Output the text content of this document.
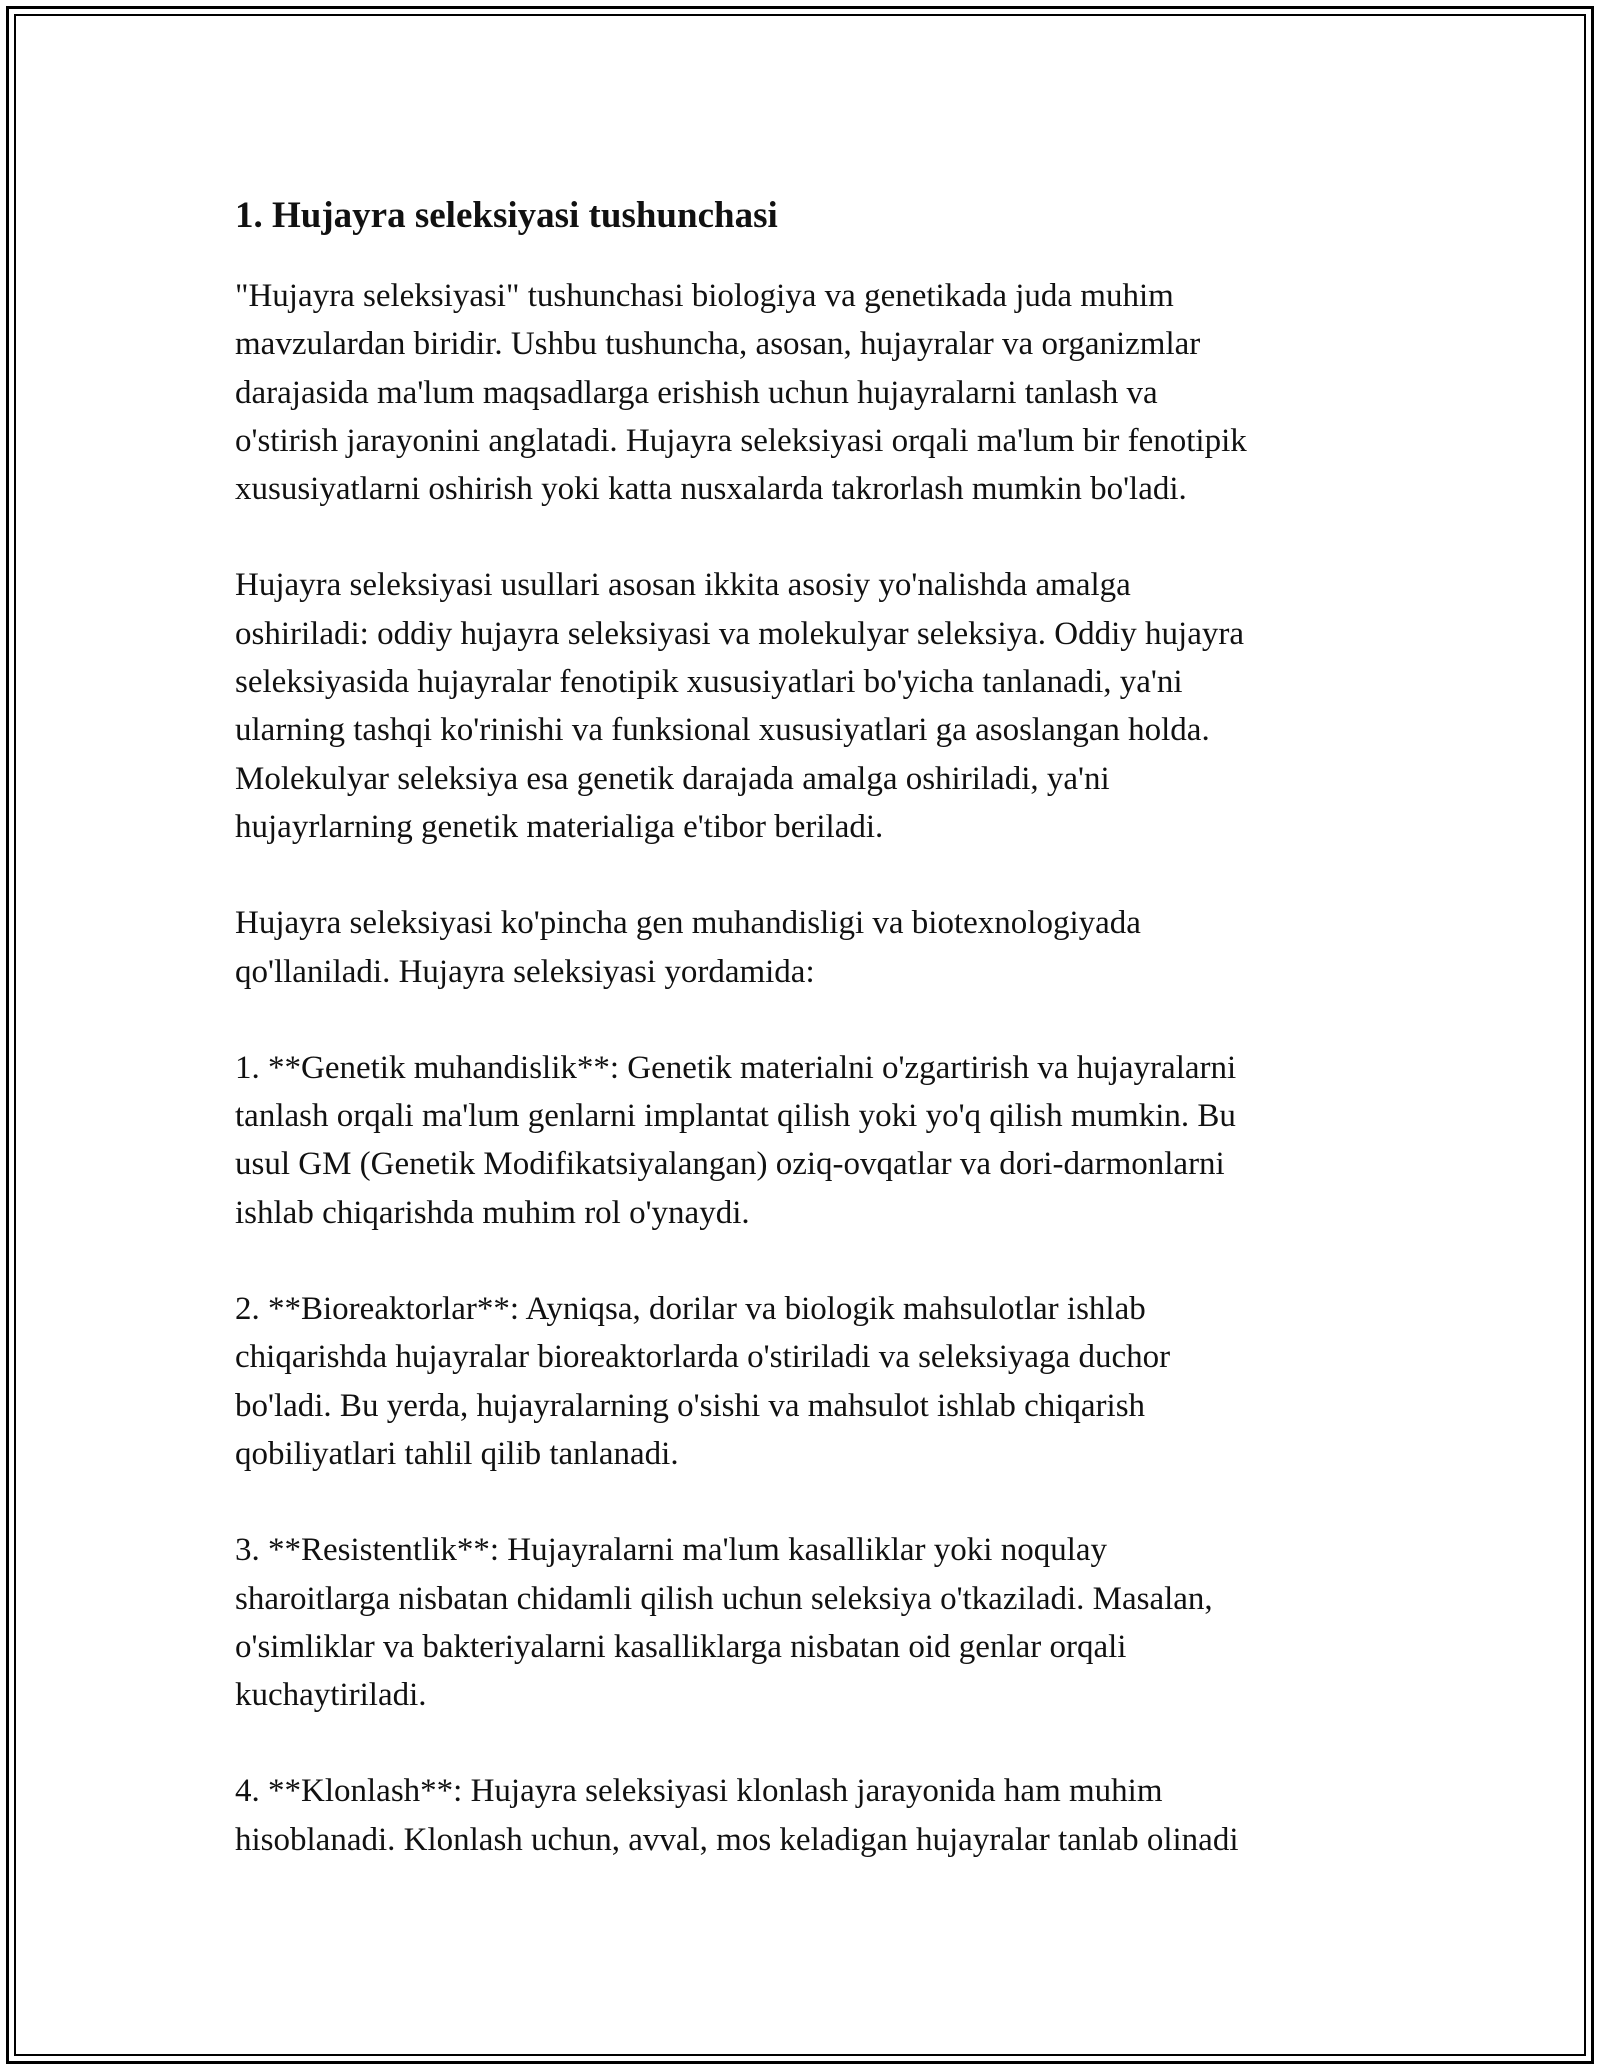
1. Hujayra seleksiyasi tushunchasi

"Hujayra seleksiyasi" tushunchasi biologiya va genetikada juda muhim
mavzulardan biridir. Ushbu tushuncha, asosan, hujayralar va organizmlar
darajasida ma'lum maqsadlarga erishish uchun hujayralarni tanlash va
o'stirish jarayonini anglatadi. Hujayra seleksiyasi orqali ma'lum bir fenotipik
xususiyatlarni oshirish yoki katta nusxalarda takrorlash mumkin bo'ladi.

Hujayra seleksiyasi usullari asosan ikkita asosiy yo'nalishda amalga
oshiriladi: oddiy hujayra seleksiyasi va molekulyar seleksiya. Oddiy hujayra
seleksiyasida hujayralar fenotipik xususiyatlari bo'yicha tanlanadi, ya'ni
ularning tashqi ko'rinishi va funksional xususiyatlari ga asoslangan holda.
Molekulyar seleksiya esa genetik darajada amalga oshiriladi, ya'ni
hujayrlarning genetik materialiga e'tibor beriladi.

Hujayra seleksiyasi ko'pincha gen muhandisligi va biotexnologiyada
qo'llaniladi. Hujayra seleksiyasi yordamida:

1. **Genetik muhandislik**: Genetik materialni o'zgartirish va hujayralarni
tanlash orqali ma'lum genlarni implantat qilish yoki yo'q qilish mumkin. Bu
usul GM (Genetik Modifikatsiyalangan) oziq-ovqatlar va dori-darmonlarni
ishlab chiqarishda muhim rol o'ynaydi.

2. **Bioreaktorlar**: Ayniqsa, dorilar va biologik mahsulotlar ishlab
chiqarishda hujayralar bioreaktorlarda o'stiriladi va seleksiyaga duchor
bo'ladi. Bu yerda, hujayralarning o'sishi va mahsulot ishlab chiqarish
qobiliyatlari tahlil qilib tanlanadi.

3. **Resistentlik**: Hujayralarni ma'lum kasalliklar yoki noqulay
sharoitlarga nisbatan chidamli qilish uchun seleksiya o'tkaziladi. Masalan,
o'simliklar va bakteriyalarni kasalliklarga nisbatan oid genlar orqali
kuchaytiriladi.

4. **Klonlash**: Hujayra seleksiyasi klonlash jarayonida ham muhim
hisoblanadi. Klonlash uchun, avval, mos keladigan hujayralar tanlab olinadi
